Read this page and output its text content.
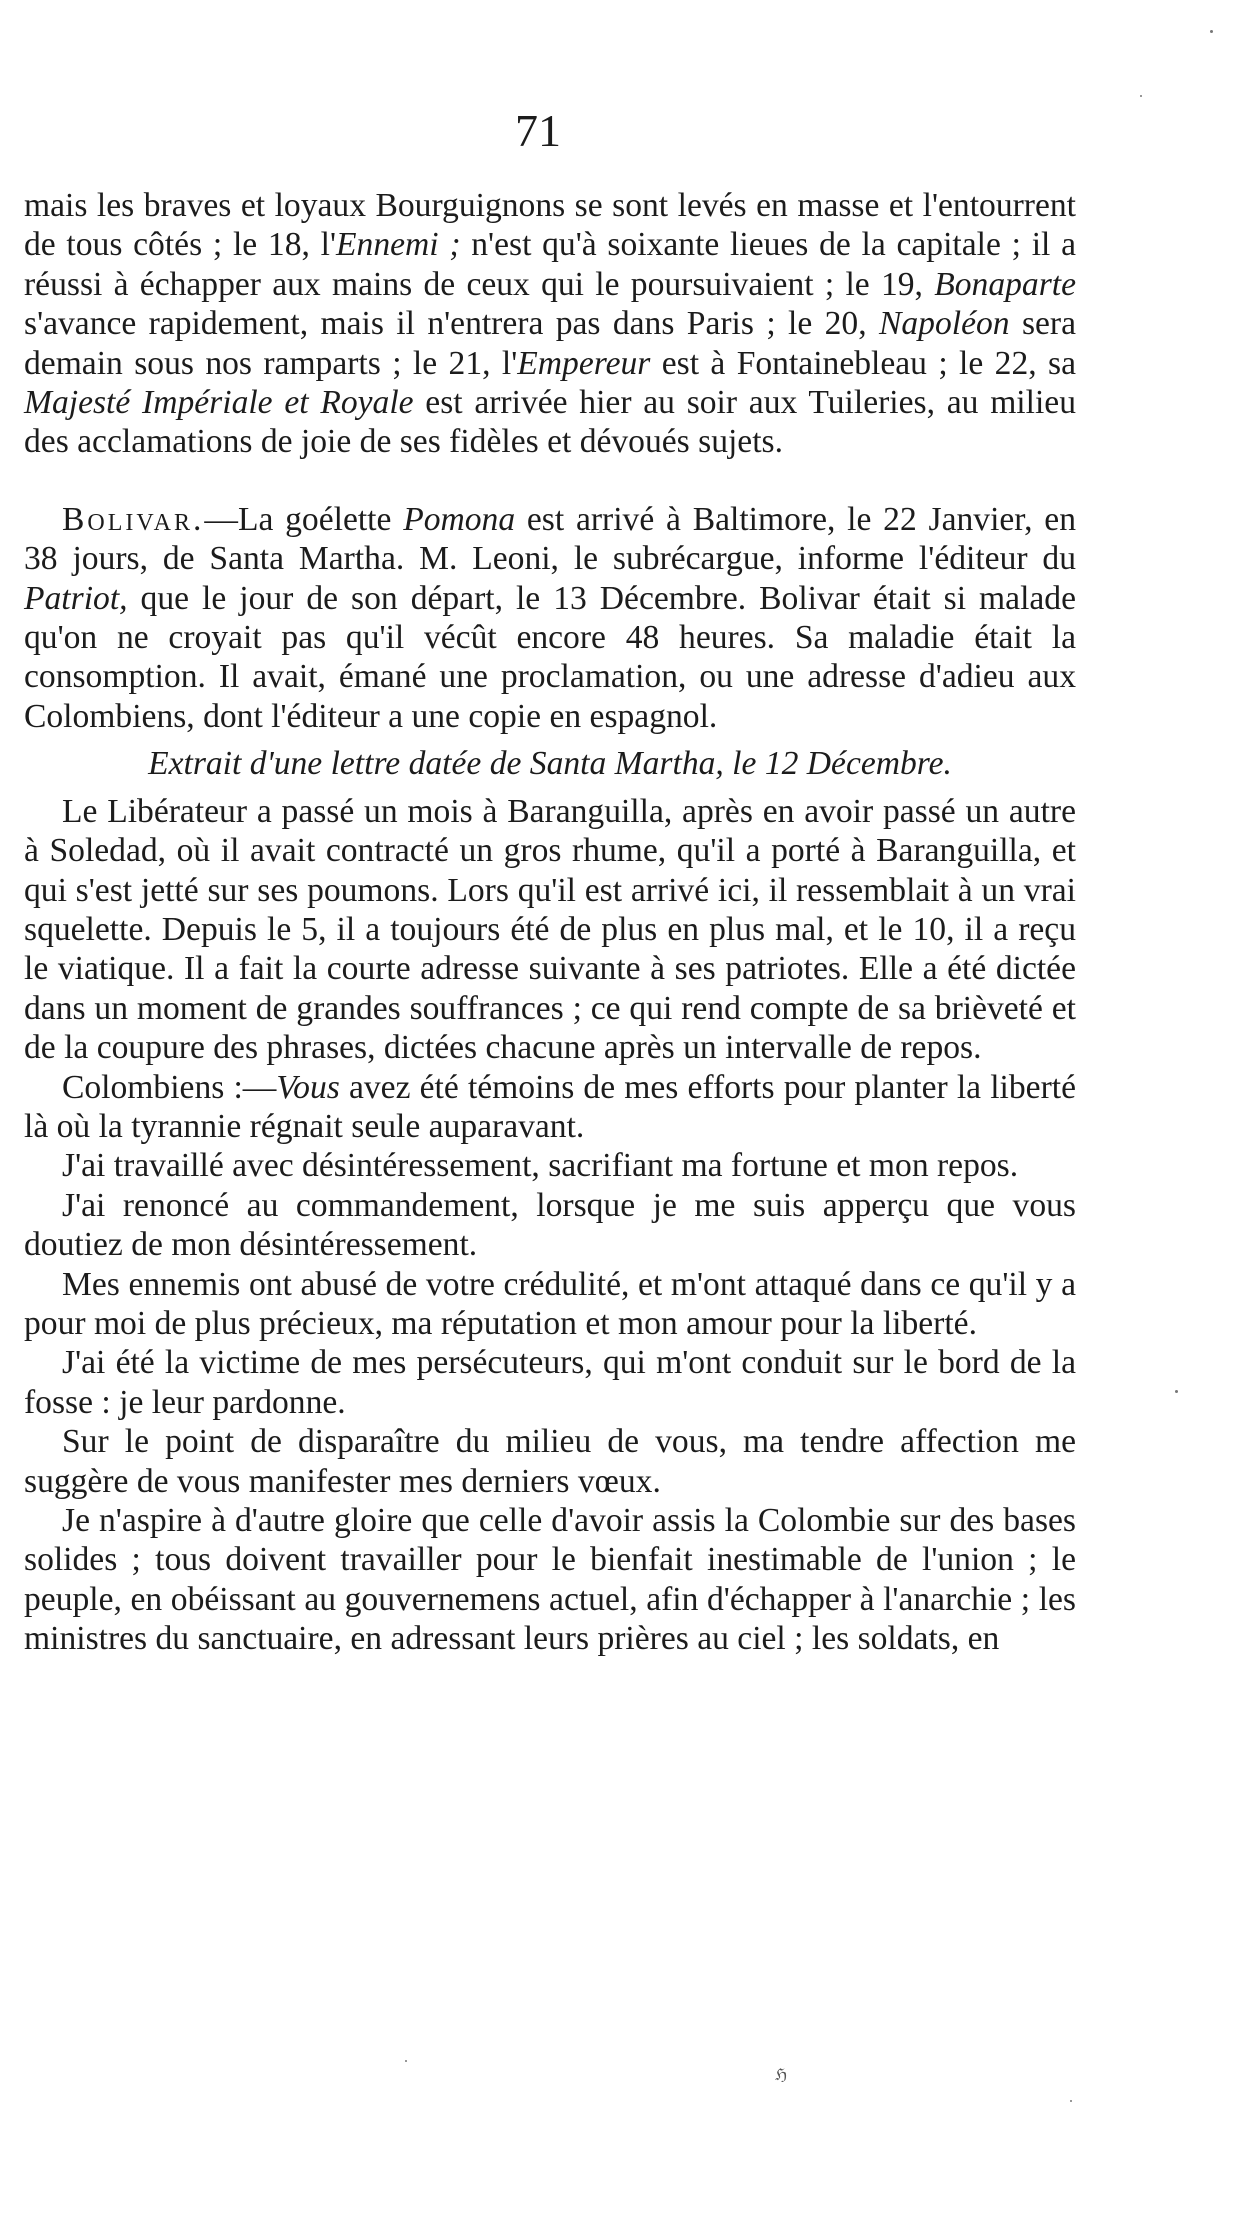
71

mais les braves et loyaux Bourguignons se sont levés en masse et l'entourrent de tous côtés ; le 18, l'Ennemi ; n'est qu'à soixante lieues de la capitale ; il a réussi à échapper aux mains de ceux qui le poursuivaient ; le 19, Bonaparte s'avance rapidement, mais il n'entrera pas dans Paris ; le 20, Napoléon sera demain sous nos ramparts ; le 21, l'Empereur est à Fontainebleau ; le 22, sa Majesté Impériale et Royale est arrivée hier au soir aux Tuileries, au milieu des acclamations de joie de ses fidèles et dévoués sujets.

Bolivar.—La goélette Pomona est arrivé à Baltimore, le 22 Janvier, en 38 jours, de Santa Martha. M. Leoni, le subrécargue, informe l'éditeur du Patriot, que le jour de son départ, le 13 Décembre. Bolivar était si malade qu'on ne croyait pas qu'il vécût encore 48 heures. Sa maladie était la consomption. Il avait, émané une proclamation, ou une adresse d'adieu aux Colombiens, dont l'éditeur a une copie en espagnol.

Extrait d'une lettre datée de Santa Martha, le 12 Décembre.

Le Libérateur a passé un mois à Baranguilla, après en avoir passé un autre à Soledad, où il avait contracté un gros rhume, qu'il a porté à Baranguilla, et qui s'est jetté sur ses poumons. Lors qu'il est arrivé ici, il ressemblait à un vrai squelette. Depuis le 5, il a toujours été de plus en plus mal, et le 10, il a reçu le viatique. Il a fait la courte adresse suivante à ses patriotes. Elle a été dictée dans un moment de grandes souffrances ; ce qui rend compte de sa brièveté et de la coupure des phrases, dictées chacune après un intervalle de repos.

Colombiens :—Vous avez été témoins de mes efforts pour planter la liberté là où la tyrannie régnait seule auparavant.

J'ai travaillé avec désintéressement, sacrifiant ma fortune et mon repos.

J'ai renoncé au commandement, lorsque je me suis apperçu que vous doutiez de mon désintéressement.

Mes ennemis ont abusé de votre crédulité, et m'ont attaqué dans ce qu'il y a pour moi de plus précieux, ma réputation et mon amour pour la liberté.

J'ai été la victime de mes persécuteurs, qui m'ont conduit sur le bord de la fosse : je leur pardonne.

Sur le point de disparaître du milieu de vous, ma tendre affection me suggère de vous manifester mes derniers vœux.

Je n'aspire à d'autre gloire que celle d'avoir assis la Colombie sur des bases solides ; tous doivent travailler pour le bienfait inestimable de l'union ; le peuple, en obéissant au gouvernemens actuel, afin d'échapper à l'anarchie ; les ministres du sanctuaire, en adressant leurs prières au ciel ; les soldats, en

ℌ
